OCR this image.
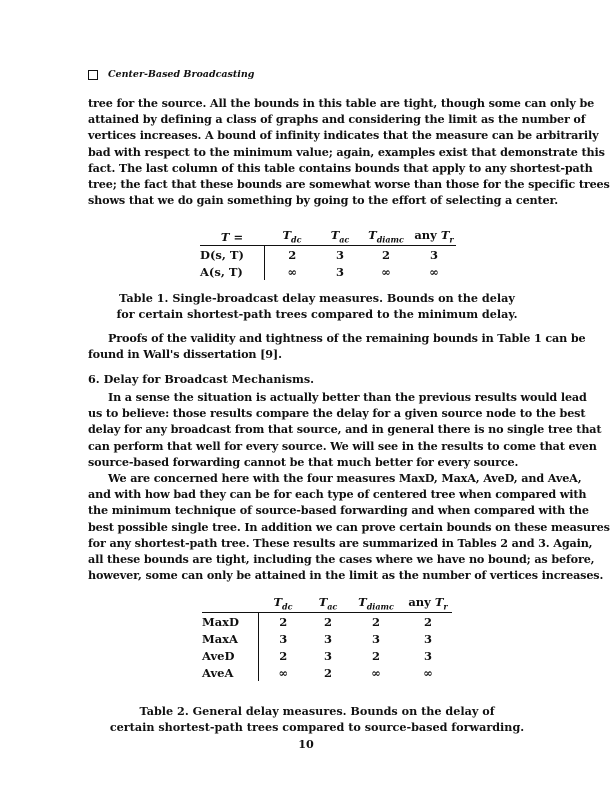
Center-Based Broadcasting
tree for the source. All the bounds in this table are tight, though some can only be
attained by defining a class of graphs and considering the limit as the number of
vertices increases. A bound of infinity indicates that the measure can be arbitrarily
bad with respect to the minimum value; again, examples exist that demonstrate this
fact. The last column of this table contains bounds that apply to any shortest-path
tree; the fact that these bounds are somewhat worse than those for the specific trees
shows that we do gain something by going to the effort of selecting a center.
T =	$T_{dc}$	$T_{ac}$	$T_{diamc}$	any $T_r$
D(s, T)	2	3	2	3
A(s, T)	∞	3	∞	∞
Table 1. Single-broadcast delay measures. Bounds on the delay
for certain shortest-path trees compared to the minimum delay.
Proofs of the validity and tightness of the remaining bounds in Table 1 can be
found in Wall's dissertation [9].
6. Delay for Broadcast Mechanisms.
In a sense the situation is actually better than the previous results would lead
us to believe: those results compare the delay for a given source node to the best
delay for any broadcast from that source, and in general there is no single tree that
can perform that well for every source. We will see in the results to come that even
source-based forwarding cannot be that much better for every source.
We are concerned here with the four measures MaxD, MaxA, AveD, and AveA,
and with how bad they can be for each type of centered tree when compared with
the minimum technique of source-based forwarding and when compared with the
best possible single tree. In addition we can prove certain bounds on these measures
for any shortest-path tree. These results are summarized in Tables 2 and 3. Again,
all these bounds are tight, including the cases where we have no bound; as before,
however, some can only be attained in the limit as the number of vertices increases.
	$T_{dc}$	$T_{ac}$	$T_{diamc}$	any $T_r$
MaxD	2	2	2	2
MaxA	3	3	3	3
AveD	2	3	2	3
AveA	∞	2	∞	∞
Table 2. General delay measures. Bounds on the delay of
certain shortest-path trees compared to source-based forwarding.
10
